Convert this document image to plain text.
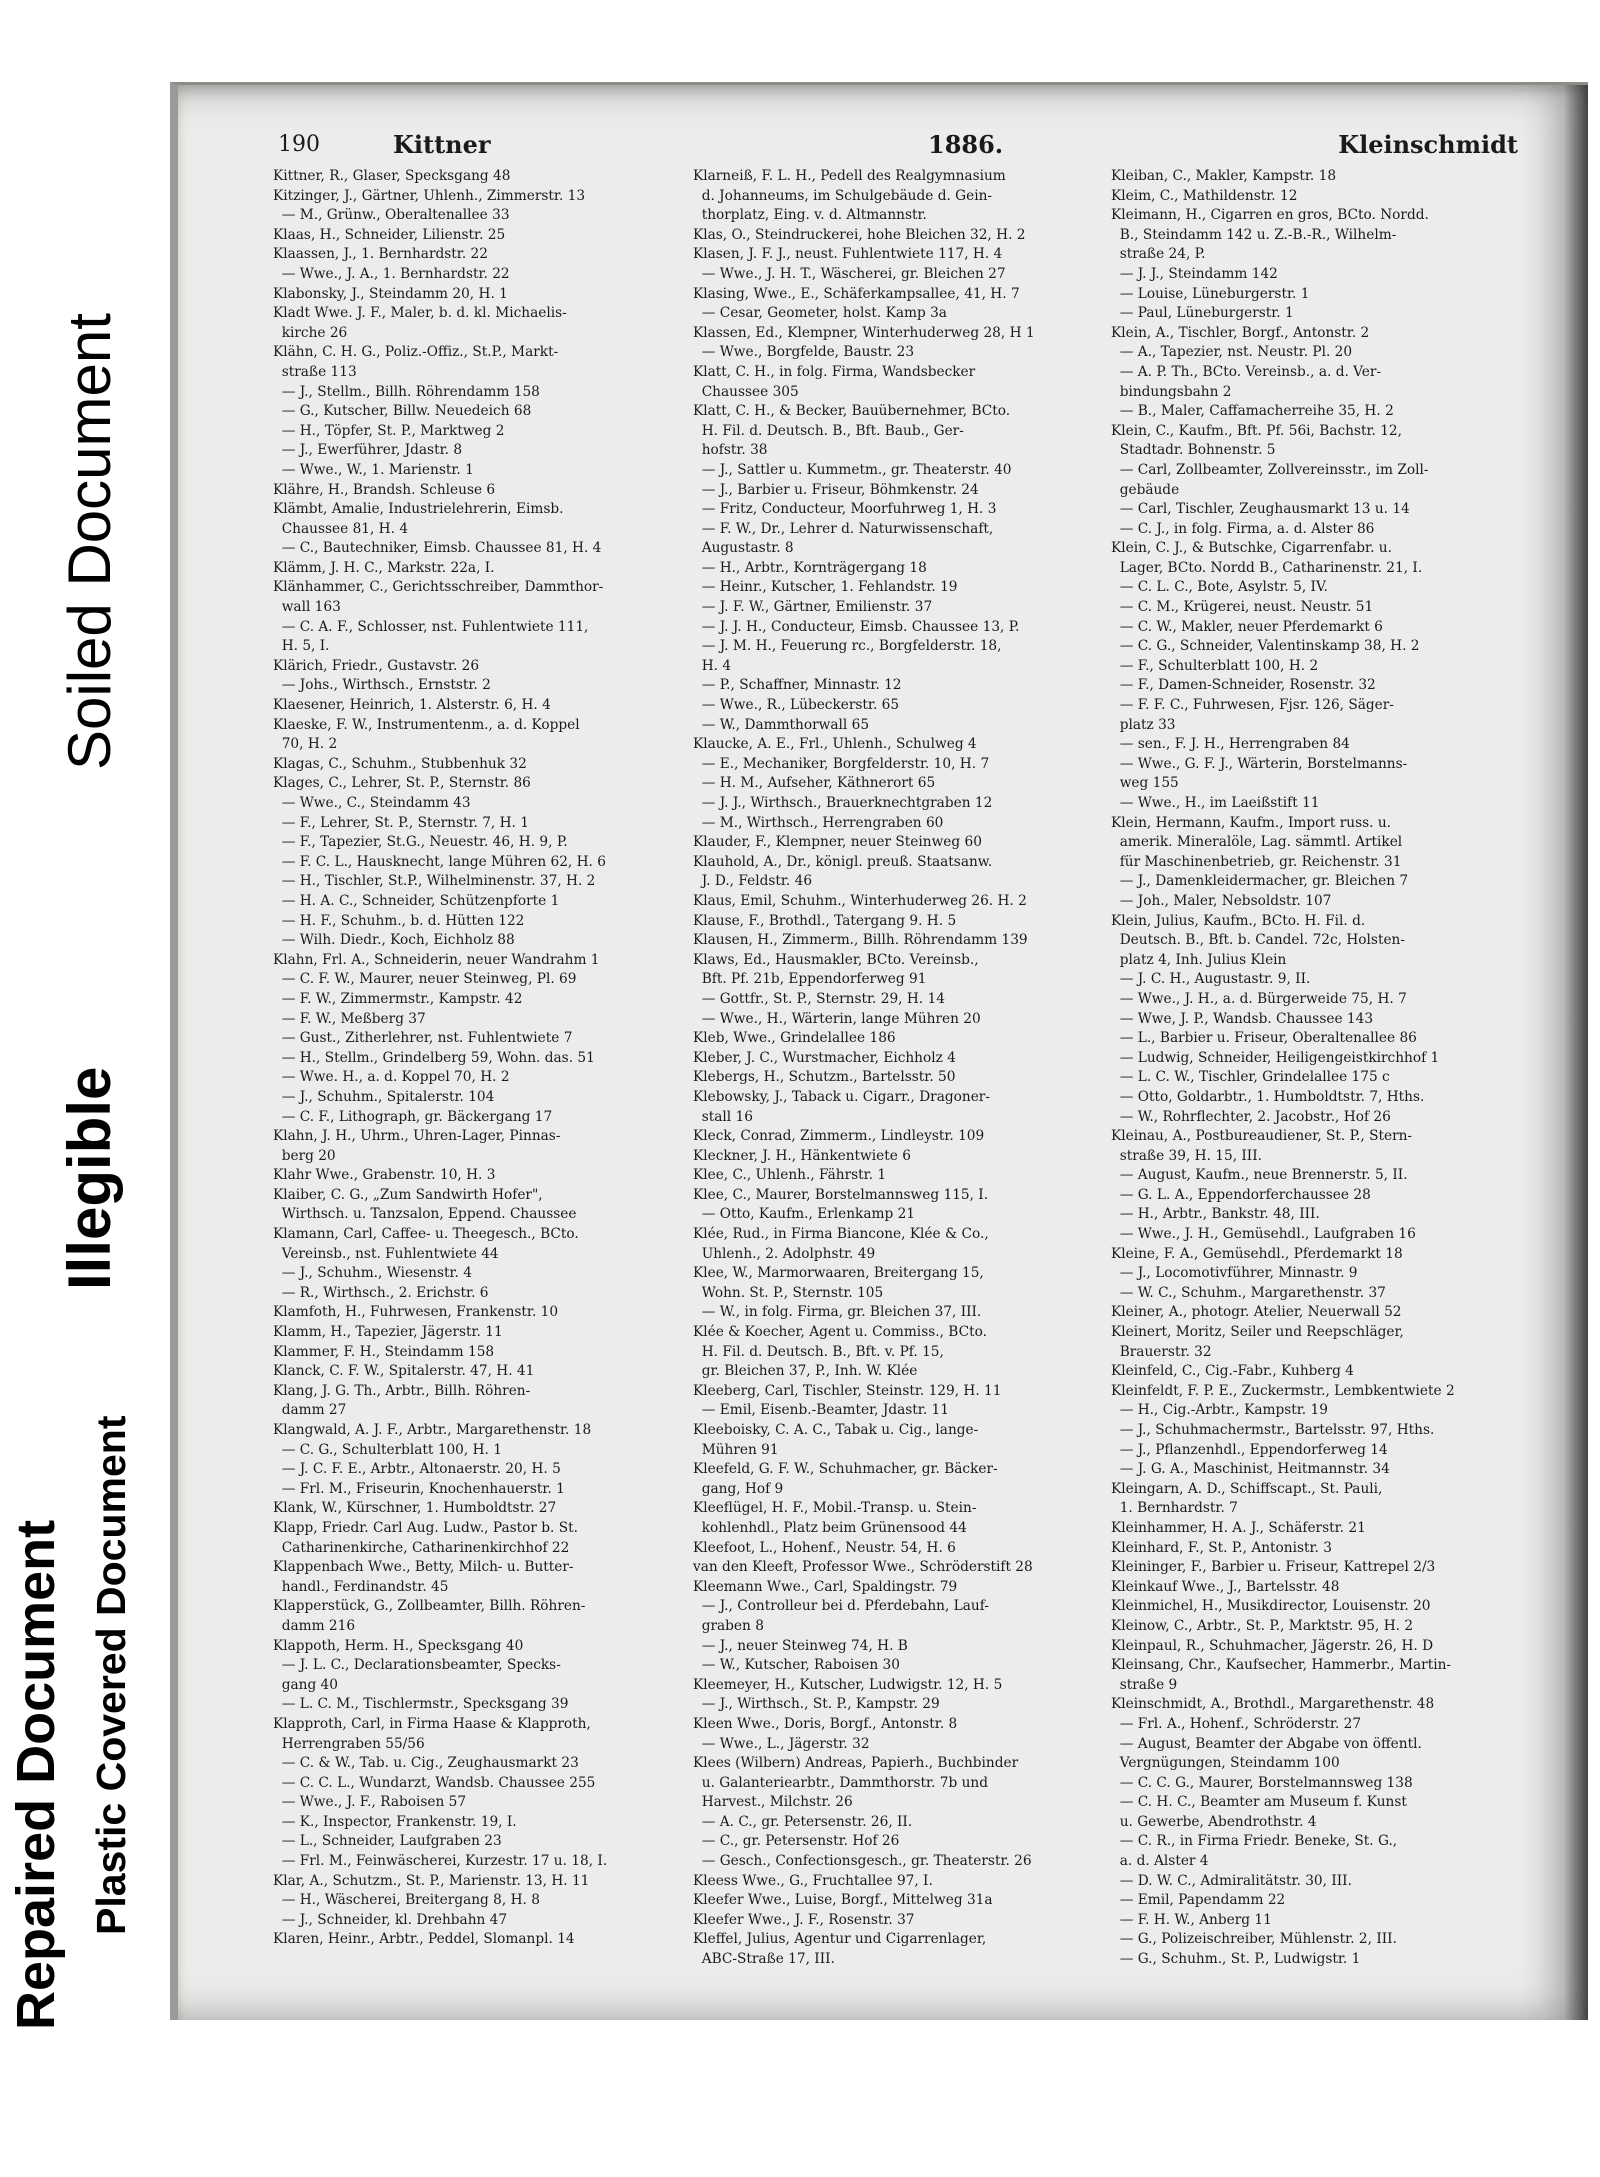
Soiled Document
Illegible
Repaired Document Plastic Covered Document
190	Kittner	1886.	Kleinschmidt
Kittner, R., Glaser, Specksgang 48
Kitzinger, J., Gärtner, Uhlenh., Zimmerstr. 13
— M., Grünw., Oberaltenallee 33
Klaas, H., Schneider, Lilienstr. 25
Klaassen, J., 1. Bernhardstr. 22
— Wwe., J. A., 1. Bernhardstr. 22
Klabonsky, J., Steindamm 20, H. 1
Kladt Wwe. J. F., Maler, b. d. kl. Michaelis-
kirche 26
Klähn, C. H. G., Poliz.-Offiz., St.P., Markt-
straße 113
— J., Stellm., Billh. Röhrendamm 158
— G., Kutscher, Billw. Neuedeich 68
— H., Töpfer, St. P., Marktweg 2
— J., Ewerführer, Jdastr. 8
— Wwe., W., 1. Marienstr. 1
Klähre, H., Brandsh. Schleuse 6
Klämbt, Amalie, Industrielehrerin, Eimsb.
Chaussee 81, H. 4
— C., Bautechniker, Eimsb. Chaussee 81, H. 4
Klämm, J. H. C., Markstr. 22a, I.
Klänhammer, C., Gerichtsschreiber, Dammthor-
wall 163
— C. A. F., Schlosser, nst. Fuhlentwiete 111,
H. 5, I.
Klärich, Friedr., Gustavstr. 26
— Johs., Wirthsch., Ernststr. 2
Klaesener, Heinrich, 1. Alsterstr. 6, H. 4
Klaeske, F. W., Instrumentenm., a. d. Koppel
70, H. 2
Klagas, C., Schuhm., Stubbenhuk 32
Klages, C., Lehrer, St. P., Sternstr. 86
— Wwe., C., Steindamm 43
— F., Lehrer, St. P., Sternstr. 7, H. 1
— F., Tapezier, St.G., Neuestr. 46, H. 9, P.
— F. C. L., Hausknecht, lange Mühren 62, H. 6
— H., Tischler, St.P., Wilhelminenstr. 37, H. 2
— H. A. C., Schneider, Schützenpforte 1
— H. F., Schuhm., b. d. Hütten 122
— Wilh. Diedr., Koch, Eichholz 88
Klahn, Frl. A., Schneiderin, neuer Wandrahm 1
— C. F. W., Maurer, neuer Steinweg, Pl. 69
— F. W., Zimmermstr., Kampstr. 42
— F. W., Meßberg 37
— Gust., Zitherlehrer, nst. Fuhlentwiete 7
— H., Stellm., Grindelberg 59, Wohn. das. 51
— Wwe. H., a. d. Koppel 70, H. 2
— J., Schuhm., Spitalerstr. 104
— C. F., Lithograph, gr. Bäckergang 17
Klahn, J. H., Uhrm., Uhren-Lager, Pinnas-
berg 20
Klahr Wwe., Grabenstr. 10, H. 3
Klaiber, C. G., „Zum Sandwirth Hofer",
Wirthsch. u. Tanzsalon, Eppend. Chaussee
Klamann, Carl, Caffee- u. Theegesch., BCto.
Vereinsb., nst. Fuhlentwiete 44
— J., Schuhm., Wiesenstr. 4
— R., Wirthsch., 2. Erichstr. 6
Klamfoth, H., Fuhrwesen, Frankenstr. 10
Klamm, H., Tapezier, Jägerstr. 11
Klammer, F. H., Steindamm 158
Klanck, C. F. W., Spitalerstr. 47, H. 41
Klang, J. G. Th., Arbtr., Billh. Röhren-
damm 27
Klangwald, A. J. F., Arbtr., Margarethenstr. 18
— C. G., Schulterblatt 100, H. 1
— J. C. F. E., Arbtr., Altonaerstr. 20, H. 5
— Frl. M., Friseurin, Knochenhauerstr. 1
Klank, W., Kürschner, 1. Humboldtstr. 27
Klapp, Friedr. Carl Aug. Ludw., Pastor b. St.
Catharinenkirche, Catharinenkirchhof 22
Klappenbach Wwe., Betty, Milch- u. Butter-
handl., Ferdinandstr. 45
Klapperstück, G., Zollbeamter, Billh. Röhren-
damm 216
Klappoth, Herm. H., Specksgang 40
— J. L. C., Declarationsbeamter, Specks-
gang 40
— L. C. M., Tischlermstr., Specksgang 39
Klapproth, Carl, in Firma Haase & Klapproth,
Herrengraben 55/56
— C. & W., Tab. u. Cig., Zeughausmarkt 23
— C. C. L., Wundarzt, Wandsb. Chaussee 255
— Wwe., J. F., Raboisen 57
— K., Inspector, Frankenstr. 19, I.
— L., Schneider, Laufgraben 23
— Frl. M., Feinwäscherei, Kurzestr. 17 u. 18, I.
Klar, A., Schutzm., St. P., Marienstr. 13, H. 11
— H., Wäscherei, Breitergang 8, H. 8
— J., Schneider, kl. Drehbahn 47
Klaren, Heinr., Arbtr., Peddel, Slomanpl. 14
Klarneiß, F. L. H., Pedell des Realgymnasium
d. Johanneums, im Schulgebäude d. Gein-
thorplatz, Eing. v. d. Altmannstr.
Klas, O., Steindruckerei, hohe Bleichen 32, H. 2
Klasen, J. F. J., neust. Fuhlentwiete 117, H. 4
— Wwe., J. H. T., Wäscherei, gr. Bleichen 27
Klasing, Wwe., E., Schäferkampsallee, 41, H. 7
— Cesar, Geometer, holst. Kamp 3a
Klassen, Ed., Klempner, Winterhuderweg 28, H 1
— Wwe., Borgfelde, Baustr. 23
Klatt, C. H., in folg. Firma, Wandsbecker
Chaussee 305
Klatt, C. H., & Becker, Bauübernehmer, BCto.
H. Fil. d. Deutsch. B., Bft. Baub., Ger-
hofstr. 38
— J., Sattler u. Kummetm., gr. Theaterstr. 40
— J., Barbier u. Friseur, Böhmkenstr. 24
— Fritz, Conducteur, Moorfuhrweg 1, H. 3
— F. W., Dr., Lehrer d. Naturwissenschaft,
Augustastr. 8
— H., Arbtr., Kornträgergang 18
— Heinr., Kutscher, 1. Fehlandstr. 19
— J. F. W., Gärtner, Emilienstr. 37
— J. J. H., Conducteur, Eimsb. Chaussee 13, P.
— J. M. H., Feuerung rc., Borgfelderstr. 18,
H. 4
— P., Schaffner, Minnastr. 12
— Wwe., R., Lübeckerstr. 65
— W., Dammthorwall 65
Klaucke, A. E., Frl., Uhlenh., Schulweg 4
— E., Mechaniker, Borgfelderstr. 10, H. 7
— H. M., Aufseher, Käthnerort 65
— J. J., Wirthsch., Brauerknechtgraben 12
— M., Wirthsch., Herrengraben 60
Klauder, F., Klempner, neuer Steinweg 60
Klauhold, A., Dr., königl. preuß. Staatsanw.
J. D., Feldstr. 46
Klaus, Emil, Schuhm., Winterhuderweg 26. H. 2
Klause, F., Brothdl., Tatergang 9. H. 5
Klausen, H., Zimmerm., Billh. Röhrendamm 139
Klaws, Ed., Hausmakler, BCto. Vereinsb.,
Bft. Pf. 21b, Eppendorferweg 91
— Gottfr., St. P., Sternstr. 29, H. 14
— Wwe., H., Wärterin, lange Mühren 20
Kleb, Wwe., Grindelallee 186
Kleber, J. C., Wurstmacher, Eichholz 4
Klebergs, H., Schutzm., Bartelsstr. 50
Klebowsky, J., Taback u. Cigarr., Dragoner-
stall 16
Kleck, Conrad, Zimmerm., Lindleystr. 109
Kleckner, J. H., Hänkentwiete 6
Klee, C., Uhlenh., Fährstr. 1
Klee, C., Maurer, Borstelmannsweg 115, I.
— Otto, Kaufm., Erlenkamp 21
Klée, Rud., in Firma Biancone, Klée & Co.,
Uhlenh., 2. Adolphstr. 49
Klee, W., Marmorwaaren, Breitergang 15,
Wohn. St. P., Sternstr. 105
— W., in folg. Firma, gr. Bleichen 37, III.
Klée & Koecher, Agent u. Commiss., BCto.
H. Fil. d. Deutsch. B., Bft. v. Pf. 15,
gr. Bleichen 37, P., Inh. W. Klée
Kleeberg, Carl, Tischler, Steinstr. 129, H. 11
— Emil, Eisenb.-Beamter, Jdastr. 11
Kleeboisky, C. A. C., Tabak u. Cig., lange-
Mühren 91
Kleefeld, G. F. W., Schuhmacher, gr. Bäcker-
gang, Hof 9
Kleeflügel, H. F., Mobil.-Transp. u. Stein-
kohlenhdl., Platz beim Grünensood 44
Kleefoot, L., Hohenf., Neustr. 54, H. 6
van den Kleeft, Professor Wwe., Schröderstift 28
Kleemann Wwe., Carl, Spaldingstr. 79
— J., Controlleur bei d. Pferdebahn, Lauf-
graben 8
— J., neuer Steinweg 74, H. B
— W., Kutscher, Raboisen 30
Kleemeyer, H., Kutscher, Ludwigstr. 12, H. 5
— J., Wirthsch., St. P., Kampstr. 29
Kleen Wwe., Doris, Borgf., Antonstr. 8
— Wwe., L., Jägerstr. 32
Klees (Wilbern) Andreas, Papierh., Buchbinder
u. Galanteriearbtr., Dammthorstr. 7b und
Harvest., Milchstr. 26
— A. C., gr. Petersenstr. 26, II.
— C., gr. Petersenstr. Hof 26
— Gesch., Confectionsgesch., gr. Theaterstr. 26
Kleess Wwe., G., Fruchtallee 97, I.
Kleefer Wwe., Luise, Borgf., Mittelweg 31a
Kleefer Wwe., J. F., Rosenstr. 37
Kleffel, Julius, Agentur und Cigarrenlager,
ABC-Straße 17, III.
Kleiban, C., Makler, Kampstr. 18
Kleim, C., Mathildenstr. 12
Kleimann, H., Cigarren en gros, BCto. Nordd.
B., Steindamm 142 u. Z.-B.-R., Wilhelm-
straße 24, P.
— J. J., Steindamm 142
— Louise, Lüneburgerstr. 1
— Paul, Lüneburgerstr. 1
Klein, A., Tischler, Borgf., Antonstr. 2
— A., Tapezier, nst. Neustr. Pl. 20
— A. P. Th., BCto. Vereinsb., a. d. Ver-
bindungsbahn 2
— B., Maler, Caffamacherreihe 35, H. 2
Klein, C., Kaufm., Bft. Pf. 56i, Bachstr. 12,
Stadtadr. Bohnenstr. 5
— Carl, Zollbeamter, Zollvereinsstr., im Zoll-
gebäude
— Carl, Tischler, Zeughausmarkt 13 u. 14
— C. J., in folg. Firma, a. d. Alster 86
Klein, C. J., & Butschke, Cigarrenfabr. u.
Lager, BCto. Nordd B., Catharinenstr. 21, I.
— C. L. C., Bote, Asylstr. 5, IV.
— C. M., Krügerei, neust. Neustr. 51
— C. W., Makler, neuer Pferdemarkt 6
— C. G., Schneider, Valentinskamp 38, H. 2
— F., Schulterblatt 100, H. 2
— F., Damen-Schneider, Rosenstr. 32
— F. F. C., Fuhrwesen, Fjsr. 126, Säger-
platz 33
— sen., F. J. H., Herrengraben 84
— Wwe., G. F. J., Wärterin, Borstelmanns-
weg 155
— Wwe., H., im Laeißstift 11
Klein, Hermann, Kaufm., Import russ. u.
amerik. Mineralöle, Lag. sämmtl. Artikel
für Maschinenbetrieb, gr. Reichenstr. 31
— J., Damenkleidermacher, gr. Bleichen 7
— Joh., Maler, Nebsoldstr. 107
Klein, Julius, Kaufm., BCto. H. Fil. d.
Deutsch. B., Bft. b. Candel. 72c, Holsten-
platz 4, Inh. Julius Klein
— J. C. H., Augustastr. 9, II.
— Wwe., J. H., a. d. Bürgerweide 75, H. 7
— Wwe, J. P., Wandsb. Chaussee 143
— L., Barbier u. Friseur, Oberaltenallee 86
— Ludwig, Schneider, Heiligengeistkirchhof 1
— L. C. W., Tischler, Grindelallee 175 c
— Otto, Goldarbtr., 1. Humboldtstr. 7, Hths.
— W., Rohrflechter, 2. Jacobstr., Hof 26
Kleinau, A., Postbureaudiener, St. P., Stern-
straße 39, H. 15, III.
— August, Kaufm., neue Brennerstr. 5, II.
— G. L. A., Eppendorferchaussee 28
— H., Arbtr., Bankstr. 48, III.
— Wwe., J. H., Gemüsehdl., Laufgraben 16
Kleine, F. A., Gemüsehdl., Pferdemarkt 18
— J., Locomotivführer, Minnastr. 9
— W. C., Schuhm., Margarethenstr. 37
Kleiner, A., photogr. Atelier, Neuerwall 52
Kleinert, Moritz, Seiler und Reepschläger,
Brauerstr. 32
Kleinfeld, C., Cig.-Fabr., Kuhberg 4
Kleinfeldt, F. P. E., Zuckermstr., Lembkentwiete 2
— H., Cig.-Arbtr., Kampstr. 19
— J., Schuhmachermstr., Bartelsstr. 97, Hths.
— J., Pflanzenhdl., Eppendorferweg 14
— J. G. A., Maschinist, Heitmannstr. 34
Kleingarn, A. D., Schiffscapt., St. Pauli,
1. Bernhardstr. 7
Kleinhammer, H. A. J., Schäferstr. 21
Kleinhard, F., St. P., Antonistr. 3
Kleininger, F., Barbier u. Friseur, Kattrepel 2/3
Kleinkauf Wwe., J., Bartelsstr. 48
Kleinmichel, H., Musikdirector, Louisenstr. 20
Kleinow, C., Arbtr., St. P., Marktstr. 95, H. 2
Kleinpaul, R., Schuhmacher, Jägerstr. 26, H. D
Kleinsang, Chr., Kaufsecher, Hammerbr., Martin-
straße 9
Kleinschmidt, A., Brothdl., Margarethenstr. 48
— Frl. A., Hohenf., Schröderstr. 27
— August, Beamter der Abgabe von öffentl.
Vergnügungen, Steindamm 100
— C. C. G., Maurer, Borstelmannsweg 138
— C. H. C., Beamter am Museum f. Kunst
u. Gewerbe, Abendrothstr. 4
— C. R., in Firma Friedr. Beneke, St. G.,
a. d. Alster 4
— D. W. C., Admiralitätstr. 30, III.
— Emil, Papendamm 22
— F. H. W., Anberg 11
— G., Polizeischreiber, Mühlenstr. 2, III.
— G., Schuhm., St. P., Ludwigstr. 1
